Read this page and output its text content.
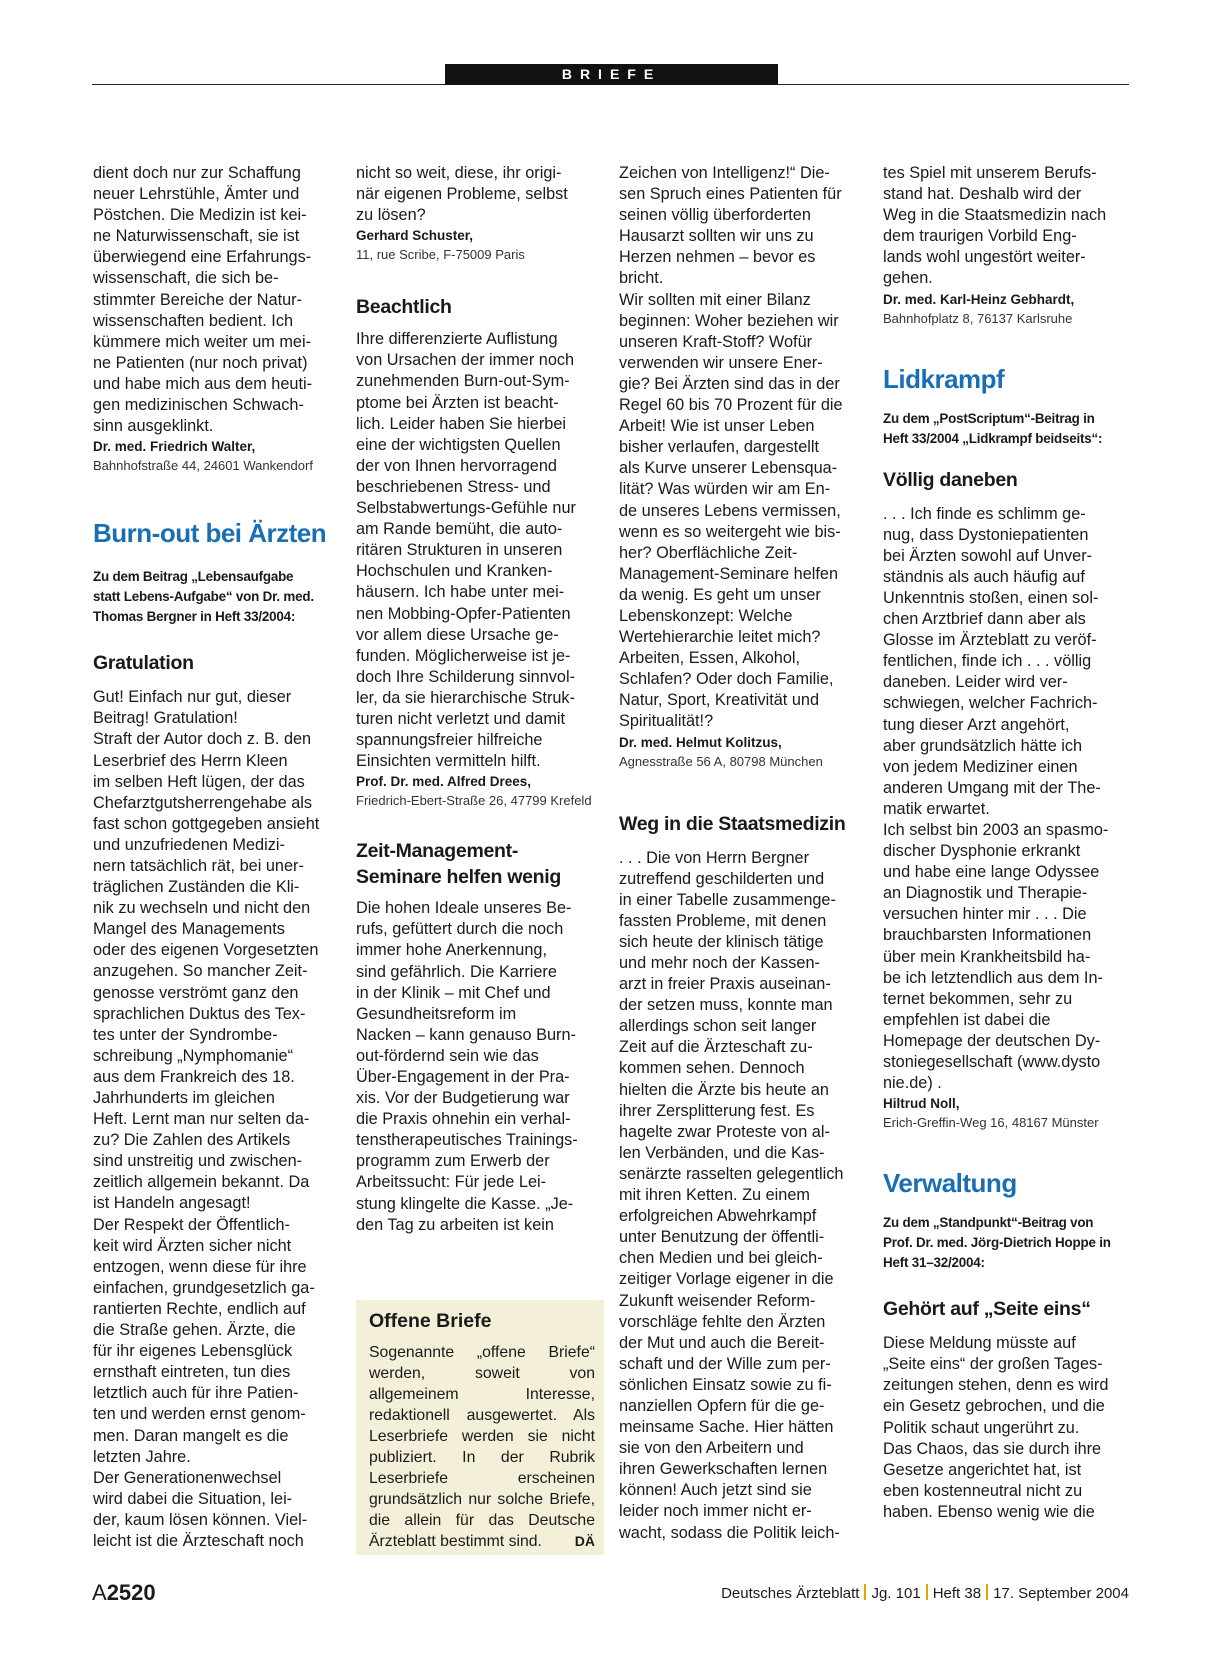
BRIEFE
dient doch nur zur Schaffung
neuer Lehrstühle, Ämter und
Pöstchen. Die Medizin ist kei-
ne Naturwissenschaft, sie ist
überwiegend eine Erfahrungs-
wissenschaft, die sich be-
stimmter Bereiche der Natur-
wissenschaften bedient. Ich
kümmere mich weiter um mei-
ne Patienten (nur noch privat)
und habe mich aus dem heuti-
gen medizinischen Schwach-
sinn ausgeklinkt.

Dr. med. Friedrich Walter,

Bahnhofstraße 44, 24601 Wankendorf

Burn-out bei Ärzten

Zu dem Beitrag „Lebensaufgabe
statt Lebens-Aufgabe“ von Dr. med.
Thomas Bergner in Heft 33/2004:

Gratulation

Gut! Einfach nur gut, dieser
Beitrag! Gratulation!
Straft der Autor doch z. B. den
Leserbrief des Herrn Kleen
im selben Heft lügen, der das
Chefarztgutsherrengehabe als
fast schon gottgegeben ansieht
und unzufriedenen Medizi-
nern tatsächlich rät, bei uner-
träglichen Zuständen die Kli-
nik zu wechseln und nicht den
Mangel des Managements
oder des eigenen Vorgesetzten
anzugehen. So mancher Zeit-
genosse verströmt ganz den
sprachlichen Duktus des Tex-
tes unter der Syndrombe-
schreibung „Nymphomanie“
aus dem Frankreich des 18.
Jahrhunderts im gleichen
Heft. Lernt man nur selten da-
zu? Die Zahlen des Artikels
sind unstreitig und zwischen-
zeitlich allgemein bekannt. Da
ist Handeln angesagt!
Der Respekt der Öffentlich-
keit wird Ärzten sicher nicht
entzogen, wenn diese für ihre
einfachen, grundgesetzlich ga-
rantierten Rechte, endlich auf
die Straße gehen. Ärzte, die
für ihr eigenes Lebensglück
ernsthaft eintreten, tun dies
letztlich auch für ihre Patien-
ten und werden ernst genom-
men. Daran mangelt es die
letzten Jahre.
Der Generationenwechsel
wird dabei die Situation, lei-
der, kaum lösen können. Viel-
leicht ist die Ärzteschaft noch
nicht so weit, diese, ihr origi-
när eigenen Probleme, selbst
zu lösen?

Gerhard Schuster,

11, rue Scribe, F-75009 Paris

Beachtlich

Ihre differenzierte Auflistung
von Ursachen der immer noch
zunehmenden Burn-out-Sym-
ptome bei Ärzten ist beacht-
lich. Leider haben Sie hierbei
eine der wichtigsten Quellen
der von Ihnen hervorragend
beschriebenen Stress- und
Selbstabwertungs-Gefühle nur
am Rande bemüht, die auto-
ritären Strukturen in unseren
Hochschulen und Kranken-
häusern. Ich habe unter mei-
nen Mobbing-Opfer-Patienten
vor allem diese Ursache ge-
funden. Möglicherweise ist je-
doch Ihre Schilderung sinnvol-
ler, da sie hierarchische Struk-
turen nicht verletzt und damit
spannungsfreier hilfreiche
Einsichten vermitteln hilft.

Prof. Dr. med. Alfred Drees,

Friedrich-Ebert-Straße 26, 47799 Krefeld

Zeit-Management-
Seminare helfen wenig
Die hohen Ideale unseres Be-
rufs, gefüttert durch die noch
immer hohe Anerkennung,
sind gefährlich. Die Karriere
in der Klinik – mit Chef und
Gesundheitsreform im
Nacken – kann genauso Burn-
out-fördernd sein wie das
Über-Engagement in der Pra-
xis. Vor der Budgetierung war
die Praxis ohnehin ein verhal-
tenstherapeutisches Trainings-
programm zum Erwerb der
Arbeitssucht: Für jede Lei-
stung klingelte die Kasse. „Je-
den Tag zu arbeiten ist kein
Offene Briefe
Sogenannte „offene Briefe“ werden, soweit von allgemeinem Interesse, redaktionell ausgewertet. Als Leserbriefe werden sie nicht publiziert. In der Rubrik Leserbriefe erscheinen grundsätzlich nur solche Briefe, die allein für das Deutsche Ärzteblatt bestimmt sind. DÄ
Zeichen von Intelligenz!“ Die-
sen Spruch eines Patienten für
seinen völlig überforderten
Hausarzt sollten wir uns zu
Herzen nehmen – bevor es
bricht.
Wir sollten mit einer Bilanz
beginnen: Woher beziehen wir
unseren Kraft-Stoff? Wofür
verwenden wir unsere Ener-
gie? Bei Ärzten sind das in der
Regel 60 bis 70 Prozent für die
Arbeit! Wie ist unser Leben
bisher verlaufen, dargestellt
als Kurve unserer Lebensqua-
lität? Was würden wir am En-
de unseres Lebens vermissen,
wenn es so weitergeht wie bis-
her? Oberflächliche Zeit-
Management-Seminare helfen
da wenig. Es geht um unser
Lebenskonzept: Welche
Wertehierarchie leitet mich?
Arbeiten, Essen, Alkohol,
Schlafen? Oder doch Familie,
Natur, Sport, Kreativität und
Spiritualität!?

Dr. med. Helmut Kolitzus,

Agnesstraße 56 A, 80798 München

Weg in die Staatsmedizin

. . . Die von Herrn Bergner
zutreffend geschilderten und
in einer Tabelle zusammenge-
fassten Probleme, mit denen
sich heute der klinisch tätige
und mehr noch der Kassen-
arzt in freier Praxis auseinan-
der setzen muss, konnte man
allerdings schon seit langer
Zeit auf die Ärzteschaft zu-
kommen sehen. Dennoch
hielten die Ärzte bis heute an
ihrer Zersplitterung fest. Es
hagelte zwar Proteste von al-
len Verbänden, und die Kas-
senärzte rasselten gelegentlich
mit ihren Ketten. Zu einem
erfolgreichen Abwehrkampf
unter Benutzung der öffentli-
chen Medien und bei gleich-
zeitiger Vorlage eigener in die
Zukunft weisender Reform-
vorschläge fehlte den Ärzten
der Mut und auch die Bereit-
schaft und der Wille zum per-
sönlichen Einsatz sowie zu fi-
nanziellen Opfern für die ge-
meinsame Sache. Hier hätten
sie von den Arbeitern und
ihren Gewerkschaften lernen
können! Auch jetzt sind sie
leider noch immer nicht er-
wacht, sodass die Politik leich-
tes Spiel mit unserem Berufs-
stand hat. Deshalb wird der
Weg in die Staatsmedizin nach
dem traurigen Vorbild Eng-
lands wohl ungestört weiter-
gehen.

Dr. med. Karl-Heinz Gebhardt,

Bahnhofplatz 8, 76137 Karlsruhe

Lidkrampf

Zu dem „PostScriptum“-Beitrag in
Heft 33/2004 „Lidkrampf beidseits“:

Völlig daneben

. . . Ich finde es schlimm ge-
nug, dass Dystoniepatienten
bei Ärzten sowohl auf Unver-
ständnis als auch häufig auf
Unkenntnis stoßen, einen sol-
chen Arztbrief dann aber als
Glosse im Ärzteblatt zu veröf-
fentlichen, finde ich . . . völlig
daneben. Leider wird ver-
schwiegen, welcher Fachrich-
tung dieser Arzt angehört,
aber grundsätzlich hätte ich
von jedem Mediziner einen
anderen Umgang mit der The-
matik erwartet.
Ich selbst bin 2003 an spasmo-
discher Dysphonie erkrankt
und habe eine lange Odyssee
an Diagnostik und Therapie-
versuchen hinter mir . . . Die
brauchbarsten Informationen
über mein Krankheitsbild ha-
be ich letztendlich aus dem In-
ternet bekommen, sehr zu
empfehlen ist dabei die
Homepage der deutschen Dy-
stoniegesellschaft (www.dysto
nie.de) .

Hiltrud Noll,

Erich-Greffin-Weg 16, 48167 Münster

Verwaltung

Zu dem „Standpunkt“-Beitrag von
Prof. Dr. med. Jörg-Dietrich Hoppe in
Heft 31–32/2004:

Gehört auf „Seite eins“

Diese Meldung müsste auf
„Seite eins“ der großen Tages-
zeitungen stehen, denn es wird
ein Gesetz gebrochen, und die
Politik schaut ungerührt zu.
Das Chaos, das sie durch ihre
Gesetze angerichtet hat, ist
eben kostenneutral nicht zu
haben. Ebenso wenig wie die
A2520	Deutsches Ärzteblatt Jg. 101 Heft 38 17. September 2004
